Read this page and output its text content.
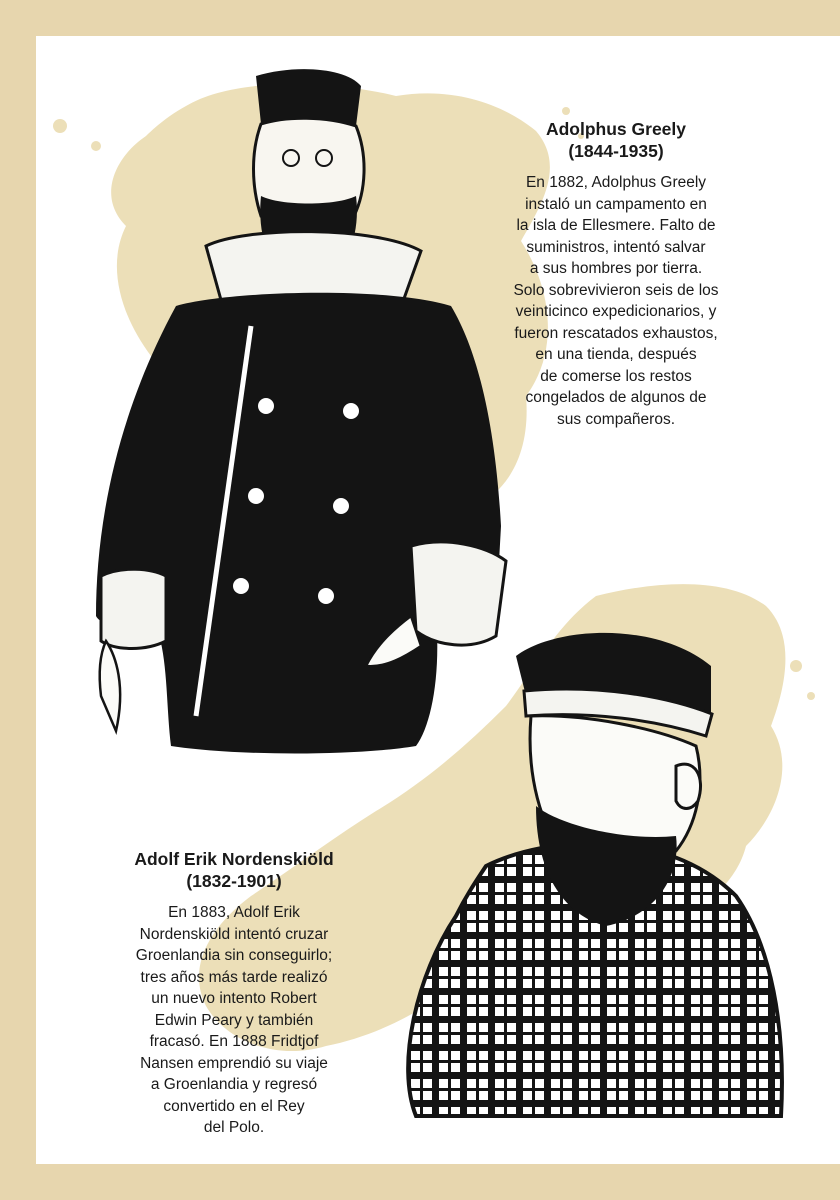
Adolphus Greely

(1844-1935)

En 1882, Adolphus Greely

instaló un campamento en

la isla de Ellesmere. Falto de

suministros, intentó salvar

a sus hombres por tierra.

Solo sobrevivieron seis de los

veinticinco expedicionarios, y

fueron rescatados exhaustos,

en una tienda, después

de comerse los restos

congelados de algunos de

sus compañeros.

Adolf Erik Nordenskiöld

(1832-1901)

En 1883, Adolf Erik

Nordenskiöld intentó cruzar

Groenlandia sin conseguirlo;

tres años más tarde realizó

un nuevo intento Robert

Edwin Peary y también

fracasó. En 1888 Fridtjof

Nansen emprendió su viaje

a Groenlandia y regresó

convertido en el Rey

del Polo.
